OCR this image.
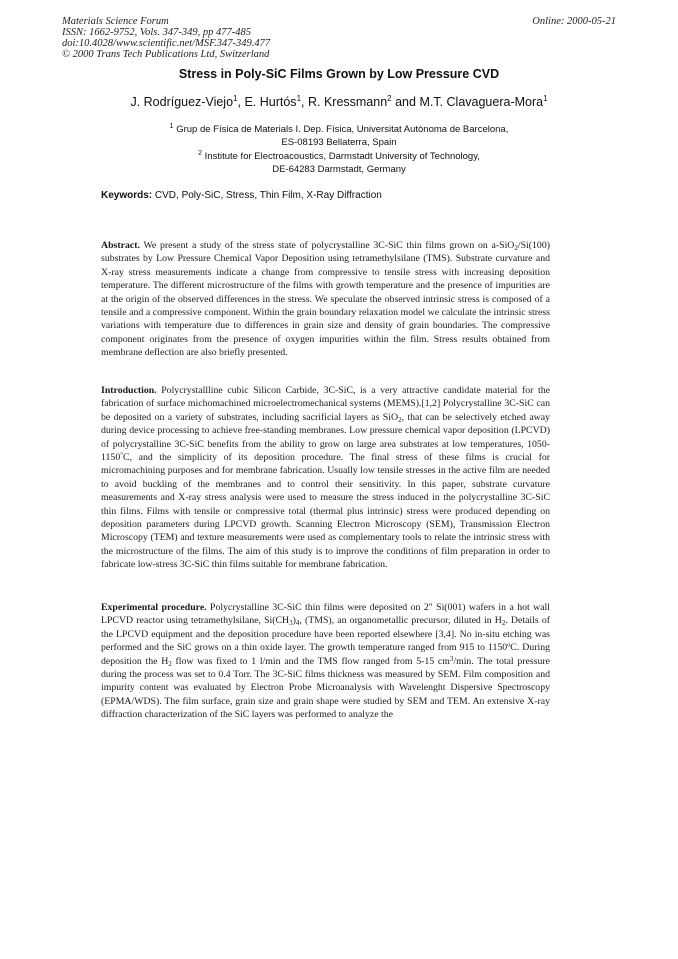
Materials Science Forum
ISSN: 1662-9752, Vols. 347-349, pp 477-485
doi:10.4028/www.scientific.net/MSF.347-349.477
© 2000 Trans Tech Publications Ltd, Switzerland
Online: 2000-05-21
Stress in Poly-SiC Films Grown by Low Pressure CVD
J. Rodríguez-Viejo$^1$, E. Hurtós$^1$, R. Kressmann$^2$ and M.T. Clavaguera-Mora$^1$
$^1$ Grup de Física de Materials I. Dep. Física, Universitat Autònoma de Barcelona,
ES-08193 Bellaterra, Spain
$^2$ Institute for Electroacoustics, Darmstadt University of Technology,
DE-64283 Darmstadt, Germany
Keywords: CVD, Poly-SiC, Stress, Thin Film, X-Ray Diffraction
Abstract. We present a study of the stress state of polycrystalline 3C-SiC thin films grown on a-SiO$_2$/Si(100) substrates by Low Pressure Chemical Vapor Deposition using tetramethylsilane (TMS). Substrate curvature and X-ray stress measurements indicate a change from compressive to tensile stress with increasing deposition temperature. The different microstructure of the films with growth temperature and the presence of impurities are at the origin of the observed differences in the stress. We speculate the observed intrinsic stress is composed of a tensile and a compressive component. Within the grain boundary relaxation model we calculate the intrinsic stress variations with temperature due to differences in grain size and density of grain boundaries. The compressive component originates from the presence of oxygen impurities within the film. Stress results obtained from membrane deflection are also briefly presented.
Introduction. Polycrystallline cubic Silicon Carbide, 3C-SiC, is a very attractive candidate material for the fabrication of surface michomachined microelectromechanical systems (MEMS).[1,2] Polycrystalline 3C-SiC can be deposited on a variety of substrates, including sacrificial layers as SiO$_2$, that can be selectively etched away during device processing to achieve free-standing membranes. Low pressure chemical vapor deposition (LPCVD) of polycrystalline 3C-SiC benefits from the ability to grow on large area substrates at low temperatures, 1050-1150°C, and the simplicity of its deposition procedure. The final stress of these films is crucial for micromachining purposes and for membrane fabrication. Usually low tensile stresses in the active film are needed to avoid buckling of the membranes and to control their sensitivity. In this paper, substrate curvature measurements and X-ray stress analysis were used to measure the stress induced in the polycrystalline 3C-SiC thin films. Films with tensile or compressive total (thermal plus intrinsic) stress were produced depending on deposition parameters during LPCVD growth. Scanning Electron Microscopy (SEM), Transmission Electron Microscopy (TEM) and texture measurements were used as complementary tools to relate the intrinsic stress with the microstructure of the films. The aim of this study is to improve the conditions of film preparation in order to fabricate low-stress 3C-SiC thin films suitable for membrane fabrication.
Experimental procedure. Polycrystalline 3C-SiC thin films were deposited on 2" Si(001) wafers in a hot wall LPCVD reactor using tetramethylsilane, $Si(CH_3)_4$, (TMS), an organometallic precursor, diluted in $H_2$. Details of the LPCVD equipment and the deposition procedure have been reported elsewhere [3,4]. No in-situ etching was performed and the SiC grows on a thin oxide layer. The growth temperature ranged from 915 to 1150ºC. During deposition the $H_2$ flow was fixed to 1 l/min and the TMS flow ranged from 5-15 $cm^3/\min$. The total pressure during the process was set to 0.4 Torr. The 3C-SiC films thickness was measured by SEM. Film composition and impurity content was evaluated by Electron Probe Microanalysis with Wavelenght Dispersive Spectroscopy (EPMA/WDS). The film surface, grain size and grain shape were studied by SEM and TEM. An extensive X-ray diffraction characterization of the SiC layers was performed to analyze the
